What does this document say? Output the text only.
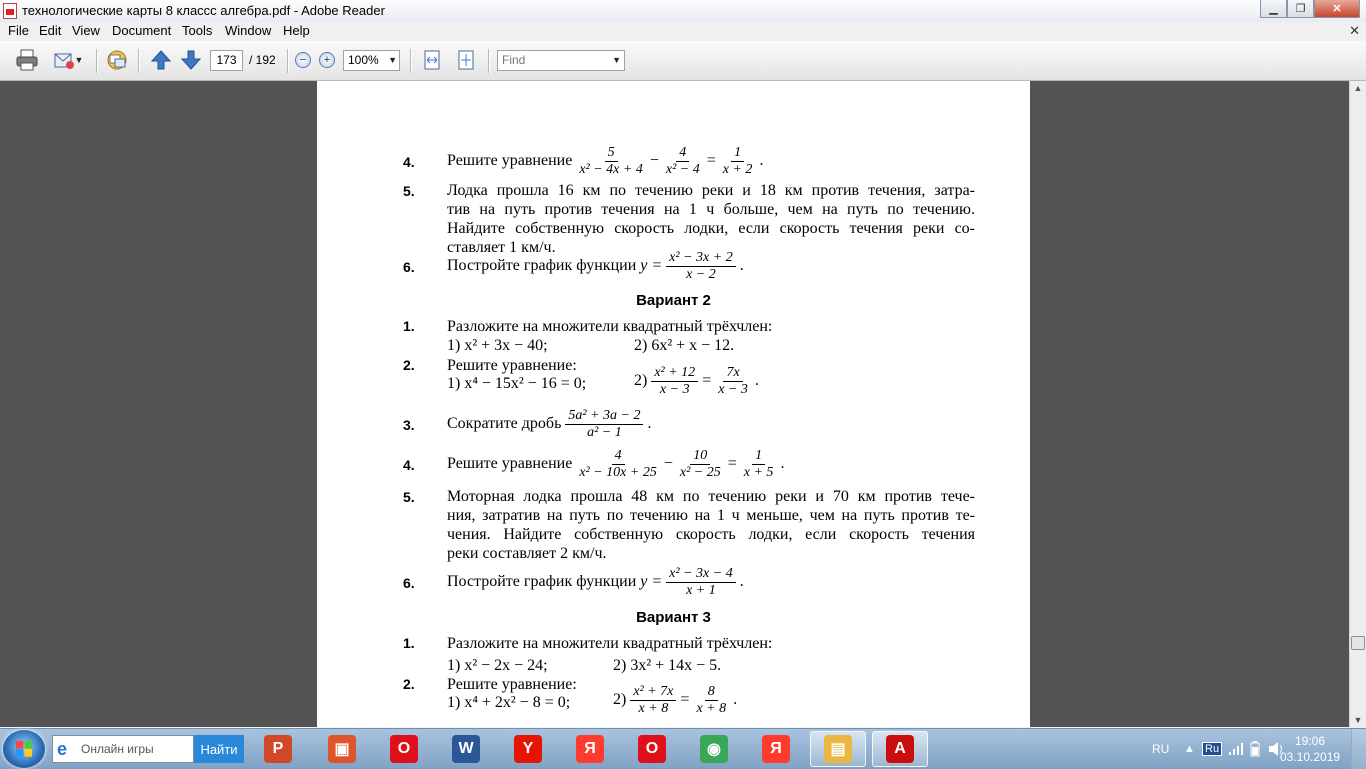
технологические карты 8 классс алгебра.pdf - Adobe Reader	▁	❐	✕
File Edit View Document Tools Window Help	✕
▼	173	/ 192	−	+	100% ▼	Find	▼
4. Решите уравнение $\frac{5}{\text{x² − 4x + 4}} - \frac{4}{\text{x² − 4}} = \frac{1}{x + 2}$ .
5. Лодка прошла 16 км по течению реки и 18 км против течения, затра-
тив на путь против течения на 1 ч больше, чем на путь по течению.
Найдите собственную скорость лодки, если скорость течения реки со-
ставляет 1 км/ч.
6. Постройте график функции $y = \frac{\text{x² − 3x + 2}}{x - 2}$ .
Вариант 2
1. Разложите на множители квадратный трёхчлен:
1) x² + 3x − 40;	2) 6x² + x − 12.
2. Решите уравнение:
1) x⁴ − 15x² − 16 = 0;	$2) \frac{\text{x² + 12}}{x - 3} = \frac{7x}{x - 3}$ .
3. Сократите дробь $\frac{\text{5a² + 3a − 2}}{\text{a² − 1}}$ .
4. Решите уравнение $\frac{4}{\text{x² − 10x + 25}} - \frac{10}{\text{x² − 25}} = \frac{1}{x + 5}$ .
5. Моторная лодка прошла 48 км по течению реки и 70 км против тече-
ния, затратив на путь по течению на 1 ч меньше, чем на путь против те-
чения. Найдите собственную скорость лодки, если скорость течения
реки составляет 2 км/ч.
6. Постройте график функции $y = \frac{\text{x² − 3x − 4}}{x + 1}$ .
Вариант 3
1. Разложите на множители квадратный трёхчлен:
1) x² − 2x − 24;	2) 3x² + 14x − 5.
2. Решите уравнение:
1) x⁴ + 2x² − 8 = 0;	$2) \frac{\text{x² + 7x}}{x + 8} = \frac{8}{x + 8}$ .
▲
▼
e Онлайн игры	Найти	P	▣	O	W	Y	Я	O	◉	Я	▤	A	RU ▲ Ru
19:06
03.10.2019
